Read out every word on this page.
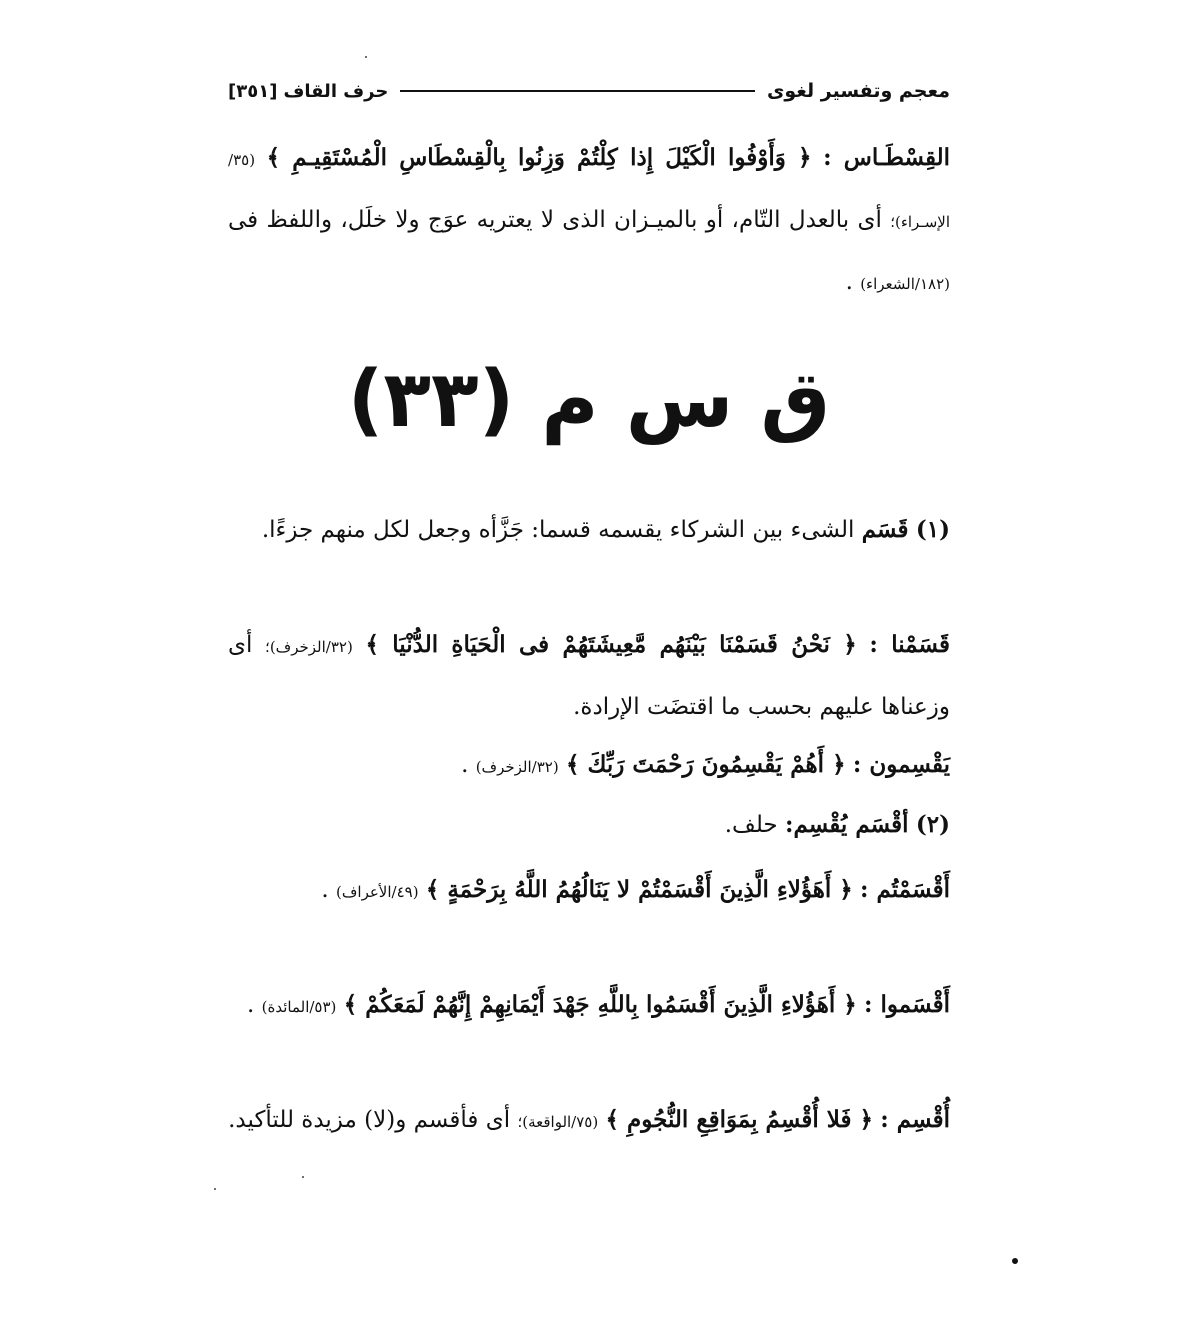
معجم وتفسير لغوى
حرف القاف
[٣٥١]
القِسْطَـاس : ﴿ وَأَوْفُوا الْكَيْلَ إِذا كِلْتُمْ وَزِنُوا بِالْقِسْطَاسِ الْمُسْتَقِيـمِ ﴾ (٣٥/الإسـراء)؛ أى بالعدل التّام، أو بالميـزان الذى لا يعتريه عوَج ولا خلَل، واللفظ فى (١٨٢/الشعراء) .
ق س م (٣٣)
(١) قَسَم الشىء بين الشركاء يقسمه قسما: جَزَّأه وجعل لكل منهم جزءًا.
قَسَمْنا : ﴿ نَحْنُ قَسَمْنَا بَيْنَهُم مَّعِيشَتَهُمْ فى الْحَيَاةِ الدُّنْيَا ﴾ (٣٢/الزخرف)؛ أى وزعناها عليهم بحسب ما اقتضَت الإرادة.
يَقْسِمون : ﴿ أَهُمْ يَقْسِمُونَ رَحْمَتَ رَبِّكَ ﴾ (٣٢/الزخرف) .
(٢) أقْسَم يُقْسِم: حلف.
أَقْسَمْتُم : ﴿ أَهَؤُلاءِ الَّذِينَ أَقْسَمْتُمْ لا يَنَالُهُمُ اللَّهُ بِرَحْمَةٍ ﴾ (٤٩/الأعراف) .
أَقْسَموا : ﴿ أَهَؤُلاءِ الَّذِينَ أَقْسَمُوا بِاللَّهِ جَهْدَ أَيْمَانِهِمْ إِنَّهُمْ لَمَعَكُمْ ﴾ (٥٣/المائدة) .
أُقْسِم : ﴿ فَلا أُقْسِمُ بِمَوَاقِعِ النُّجُومِ ﴾ (٧٥/الواقعة)؛ أى فأقسم و(لا) مزيدة للتأكيد.
